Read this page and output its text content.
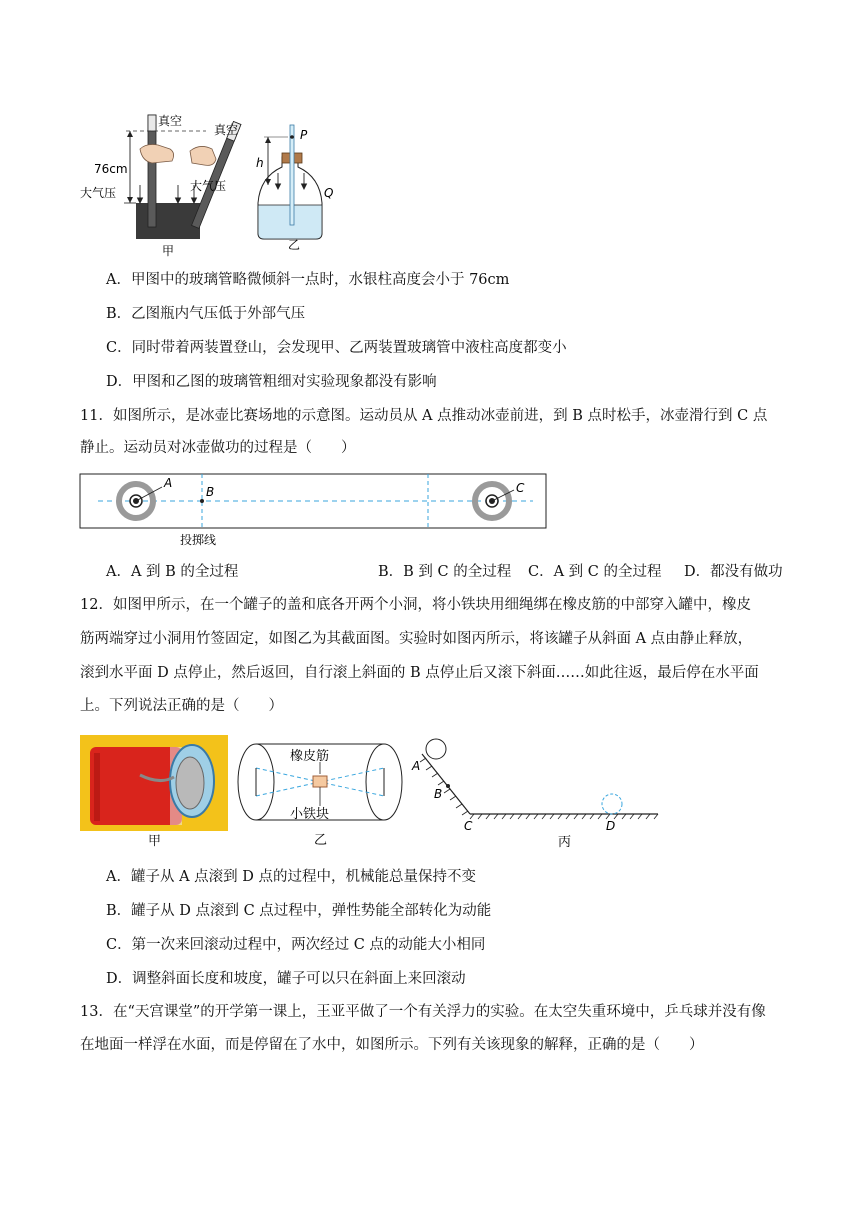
真空
真空
76cm
大气压	大气压
甲
P
h
Q
乙
A．甲图中的玻璃管略微倾斜一点时，水银柱高度会小于 76cm
B．乙图瓶内气压低于外部气压
C．同时带着两装置登山，会发现甲、乙两装置玻璃管中液柱高度都变小
D．甲图和乙图的玻璃管粗细对实验现象都没有影响
11．如图所示，是冰壶比赛场地的示意图。运动员从 A 点推动冰壶前进，到 B 点时松手，冰壶滑行到 C 点
静止。运动员对冰壶做功的过程是（　　）
A
B	C
投掷线
A．A 到 B 的全过程	B．B 到 C 的全过程 C．A 到 C 的全过程 D．都没有做功
12．如图甲所示，在一个罐子的盖和底各开两个小洞，将小铁块用细绳绑在橡皮筋的中部穿入罐中，橡皮
筋两端穿过小洞用竹签固定，如图乙为其截面图。实验时如图丙所示，将该罐子从斜面 A 点由静止释放，
滚到水平面 D 点停止，然后返回，自行滚上斜面的 B 点停止后又滚下斜面……如此往返，最后停在水平面
上。下列说法正确的是（　　）
甲
橡皮筋
小铁块
乙
A
B
C	D
丙
A．罐子从 A 点滚到 D 点的过程中，机械能总量保持不变
B．罐子从 D 点滚到 C 点过程中，弹性势能全部转化为动能
C．第一次来回滚动过程中，两次经过 C 点的动能大小相同
D．调整斜面长度和坡度，罐子可以只在斜面上来回滚动
13．在“天宫课堂”的开学第一课上，王亚平做了一个有关浮力的实验。在太空失重环境中，乒乓球并没有像
在地面一样浮在水面，而是停留在了水中，如图所示。下列有关该现象的解释，正确的是（　　）
